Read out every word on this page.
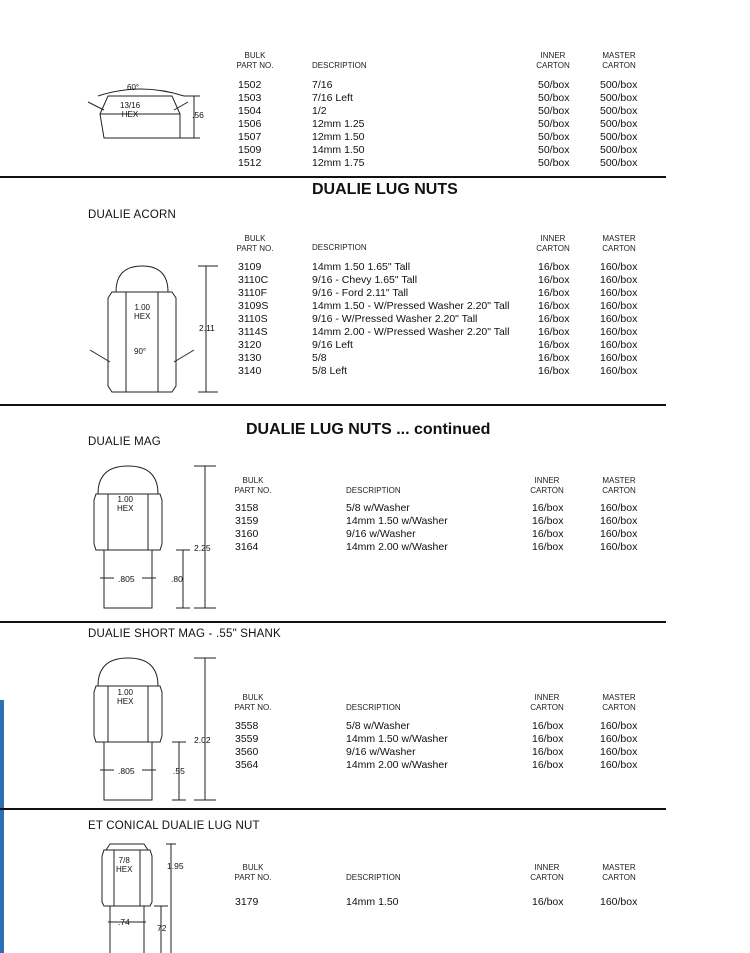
60°
13/16
HEX	.56
BULK
PART NO.	DESCRIPTION
INNER
CARTON
MASTER
CARTON
1502	7/16	50/box	500/box
1503	7/16 Left	50/box	500/box
1504	1/2	50/box	500/box
1506	12mm 1.25	50/box	500/box
1507	12mm 1.50	50/box	500/box
1509	14mm 1.50	50/box	500/box
1512	12mm 1.75	50/box	500/box
DUALIE LUG NUTS
DUALIE ACORN
1.00
HEX
90°
2.11
BULK
PART NO.	DESCRIPTION
INNER
CARTON
MASTER
CARTON
3109	14mm 1.50 1.65" Tall	16/box	160/box
3110C	9/16 - Chevy 1.65" Tall	16/box	160/box
3110F	9/16 - Ford 2.11" Tall	16/box	160/box
3109S	14mm 1.50 - W/Pressed Washer 2.20" Tall	16/box	160/box
3110S	9/16 - W/Pressed Washer 2.20" Tall	16/box	160/box
3114S	14mm 2.00 - W/Pressed Washer 2.20" Tall	16/box	160/box
3120	9/16 Left	16/box	160/box
3130	5/8	16/box	160/box
3140	5/8 Left	16/box	160/box
DUALIE LUG NUTS ... continued
DUALIE MAG
1.00
HEX
.805	.80
2.25
BULK
PART NO.	DESCRIPTION
INNER
CARTON
MASTER
CARTON
3158	5/8 w/Washer	16/box	160/box
3159	14mm 1.50 w/Washer	16/box	160/box
3160	9/16 w/Washer	16/box	160/box
3164	14mm 2.00 w/Washer	16/box	160/box
DUALIE SHORT MAG - .55" SHANK
1.00
HEX
.805	.55
2.02
BULK
PART NO.	DESCRIPTION
INNER
CARTON
MASTER
CARTON
3558	5/8 w/Washer	16/box	160/box
3559	14mm 1.50 w/Washer	16/box	160/box
3560	9/16 w/Washer	16/box	160/box
3564	14mm 2.00 w/Washer	16/box	160/box
ET CONICAL DUALIE LUG NUT
7/8
HEX	1.95
72
.74
BULK
PART NO.	DESCRIPTION
INNER
CARTON
MASTER
CARTON
3179	14mm 1.50	16/box	160/box
